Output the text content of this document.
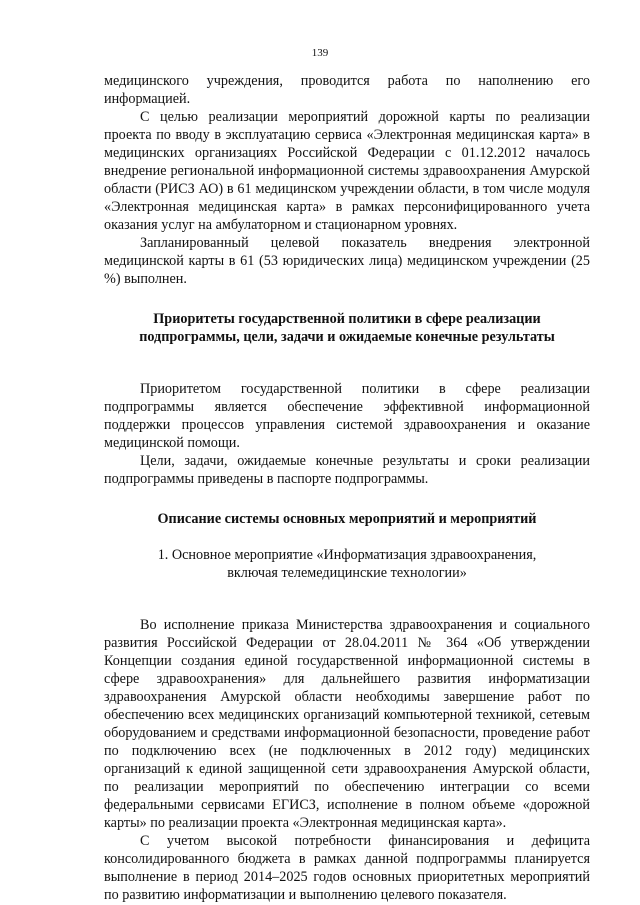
139

медицинского учреждения, проводится работа по наполнению его информацией.

С целью реализации мероприятий дорожной карты по реализации проекта по вводу в эксплуатацию сервиса «Электронная медицинская карта» в медицинских организациях Российской Федерации с 01.12.2012 началось внедрение региональной информационной системы здравоохранения Амурской области (РИСЗ АО) в 61 медицинском учреждении области, в том числе модуля «Электронная медицинская карта» в рамках персонифицированного учета оказания услуг на амбулаторном и стационарном уровнях.

Запланированный целевой показатель внедрения электронной медицинской карты в 61 (53 юридических лица) медицинском учреждении (25 %) выполнен.

Приоритеты государственной политики в сфере реализации подпрограммы, цели, задачи и ожидаемые конечные результаты

Приоритетом государственной политики в сфере реализации подпрограммы является обеспечение эффективной информационной поддержки процессов управления системой здравоохранения и оказание медицинской помощи.

Цели, задачи, ожидаемые конечные результаты и сроки реализации подпрограммы приведены в паспорте подпрограммы.

Описание системы основных мероприятий и мероприятий
1. Основное мероприятие «Информатизация здравоохранения,
включая телемедицинские технологии»

Во исполнение приказа Министерства здравоохранения и социального развития Российской Федерации от 28.04.2011 № 364 «Об утверждении Концепции создания единой государственной информационной системы в сфере здравоохранения» для дальнейшего развития информатизации здравоохранения Амурской области необходимы завершение работ по обеспечению всех медицинских организаций компьютерной техникой, сетевым оборудованием и средствами информационной безопасности, проведение работ по подключению всех (не подключенных в 2012 году) медицинских организаций к единой защищенной сети здравоохранения Амурской области, по реализации мероприятий по обеспечению интеграции со всеми федеральными сервисами ЕГИСЗ, исполнение в полном объеме «дорожной карты» по реализации проекта «Электронная медицинская карта».

С учетом высокой потребности финансирования и дефицита консолидированного бюджета в рамках данной подпрограммы планируется выполнение в период 2014–2025 годов основных приоритетных мероприятий по развитию информатизации и выполнению целевого показателя.
